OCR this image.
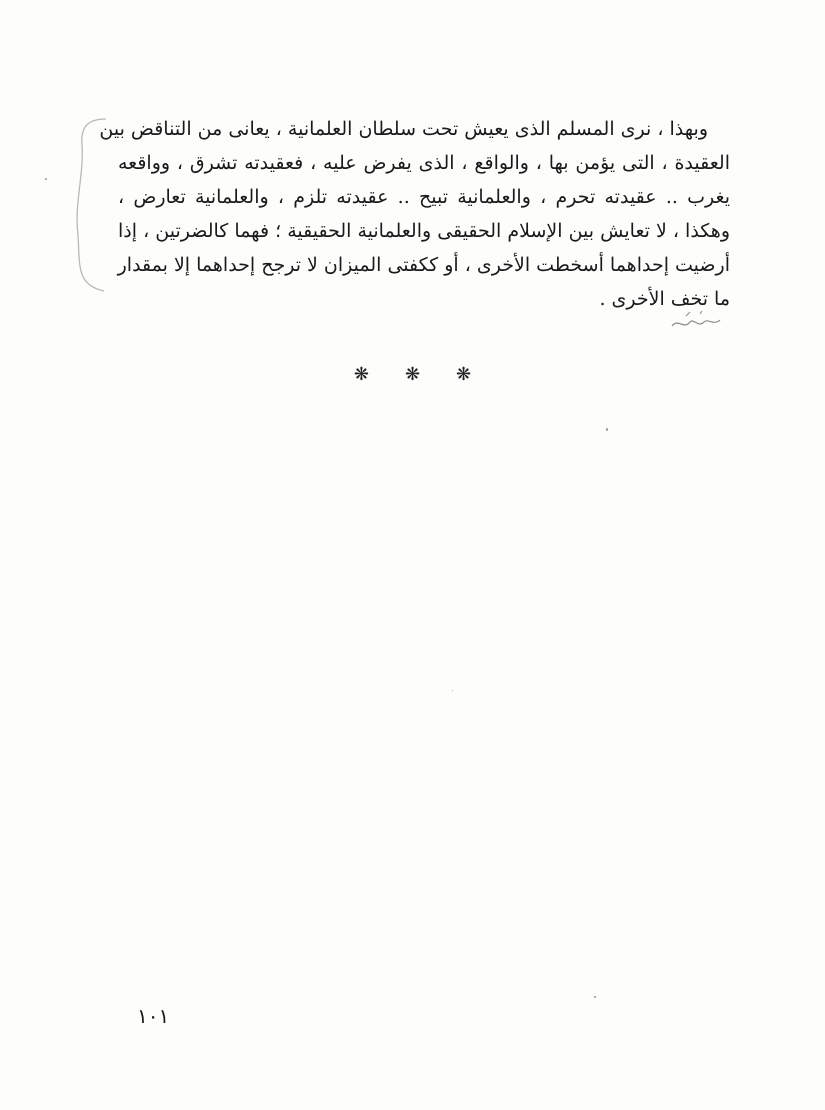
وبهذا ، نرى المسلم الذى يعيش تحت سلطان العلمانية ، يعانى من التناقض بين
العقيدة ، التى يؤمن بها ، والواقع ، الذى يفرض عليه ، فعقيدته تشرق ، وواقعه
يغرب .. عقيدته تحرم ، والعلمانية تبيح .. عقيدته تلزم ، والعلمانية تعارض ،
وهكذا ، لا تعايش بين الإسلام الحقيقى والعلمانية الحقيقية ؛ فهما كالضرتين ، إذا
أرضيت إحداهما أسخطت الأخرى ، أو ككفتى الميزان لا ترجح إحداهما إلا بمقدار
ما تخف الأخرى .
❋
❋
❋
١٠١
